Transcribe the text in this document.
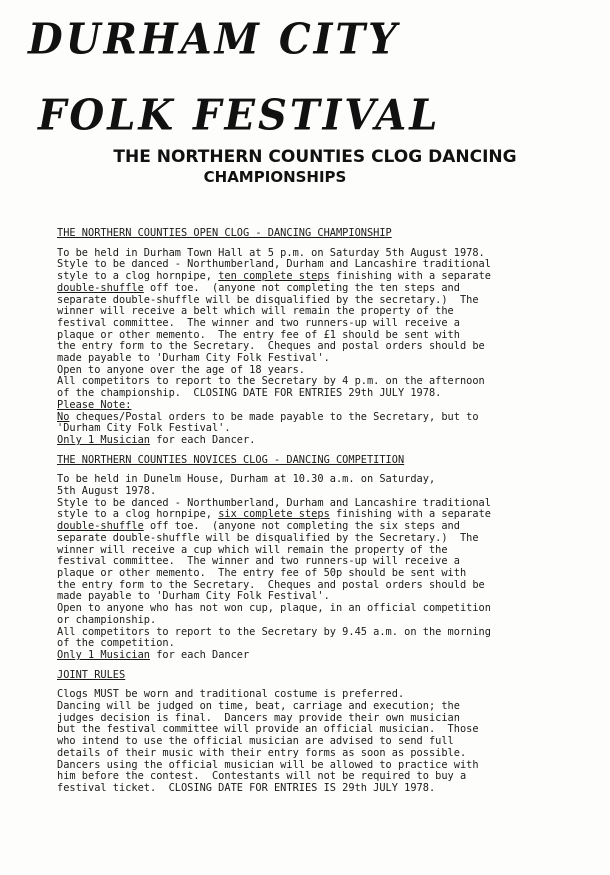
DURHAM CITY
FOLK FESTIVAL
THE NORTHERN COUNTIES CLOG DANCING
CHAMPIONSHIPS
THE NORTHERN COUNTIES OPEN CLOG - DANCING CHAMPIONSHIP
To be held in Durham Town Hall at 5 p.m. on Saturday 5th August 1978.
Style to be danced - Northumberland, Durham and Lancashire traditional
style to a clog hornpipe, ten complete steps finishing with a separate
double-shuffle off toe.  (anyone not completing the ten steps and
separate double-shuffle will be disqualified by the secretary.)  The
winner will receive a belt which will remain the property of the
festival committee.  The winner and two runners-up will receive a
plaque or other memento.  The entry fee of £1 should be sent with
the entry form to the Secretary.  Cheques and postal orders should be
made payable to 'Durham City Folk Festival'.
Open to anyone over the age of 18 years.
All competitors to report to the Secretary by 4 p.m. on the afternoon
of the championship.  CLOSING DATE FOR ENTRIES 29th JULY 1978.
Please Note:
No cheques/Postal orders to be made payable to the Secretary, but to
'Durham City Folk Festival'.
Only 1 Musician for each Dancer.
THE NORTHERN COUNTIES NOVICES CLOG - DANCING COMPETITION
To be held in Dunelm House, Durham at 10.30 a.m. on Saturday,
5th August 1978.
Style to be danced - Northumberland, Durham and Lancashire traditional
style to a clog hornpipe, six complete steps finishing with a separate
double-shuffle off toe.  (anyone not completing the six steps and
separate double-shuffle will be disqualified by the Secretary.)  The
winner will receive a cup which will remain the property of the
festival committee.  The winner and two runners-up will receive a
plaque or other memento.  The entry fee of 50p should be sent with
the entry form to the Secretary.  Cheques and postal orders should be
made payable to 'Durham City Folk Festival'.
Open to anyone who has not won cup, plaque, in an official competition
or championship.
All competitors to report to the Secretary by 9.45 a.m. on the morning
of the competition.
Only 1 Musician for each Dancer
JOINT RULES
Clogs MUST be worn and traditional costume is preferred.
Dancing will be judged on time, beat, carriage and execution; the
judges decision is final.  Dancers may provide their own musician
but the festival committee will provide an official musician.  Those
who intend to use the official musician are advised to send full
details of their music with their entry forms as soon as possible.
Dancers using the official musician will be allowed to practice with
him before the contest.  Contestants will not be required to buy a
festival ticket.  CLOSING DATE FOR ENTRIES IS 29th JULY 1978.
